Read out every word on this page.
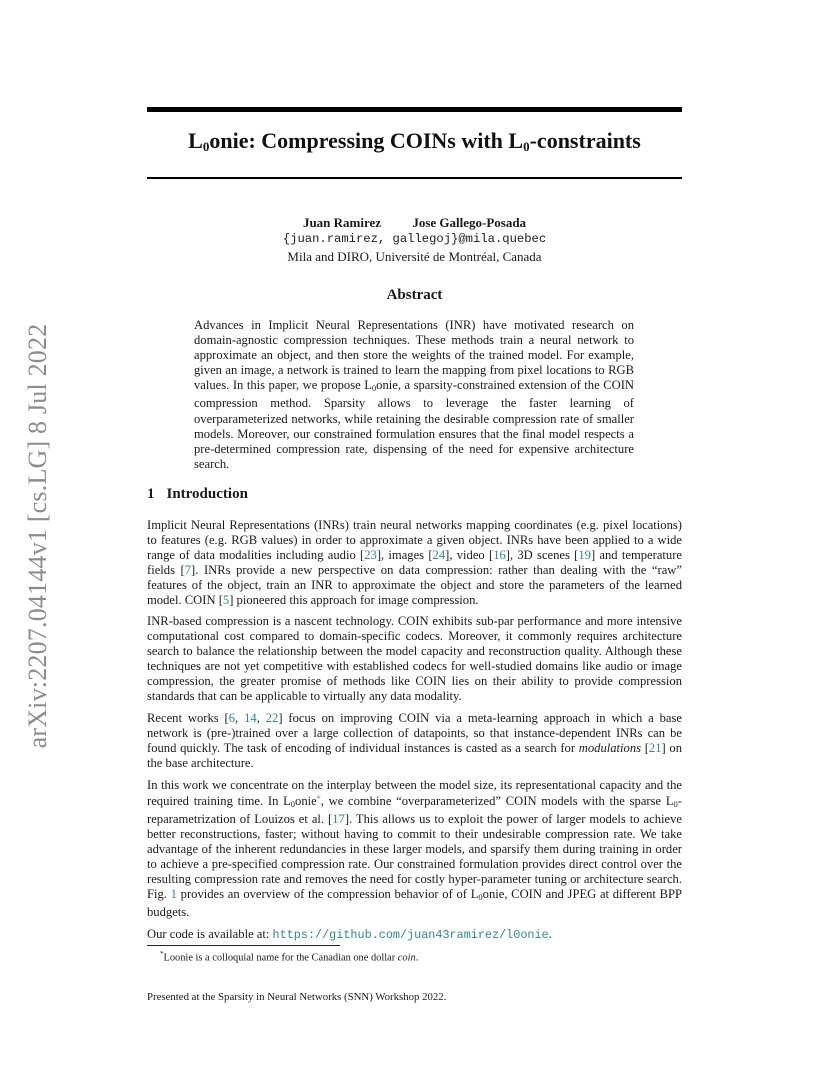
arXiv:2207.04144v1 [cs.LG] 8 Jul 2022
$L_0onie$: Compressing COINs with $L_0$-constraints
Juan Ramirez Jose Gallego-Posada
{juan.ramirez, gallegoj}@mila.quebec
Mila and DIRO, Université de Montréal, Canada
Abstract

Advances in Implicit Neural Representations (INR) have motivated research on domain-agnostic compression techniques. These methods train a neural network to approximate an object, and then store the weights of the trained model. For example, given an image, a network is trained to learn the mapping from pixel locations to RGB values. In this paper, we propose $L_0onie$, a sparsity-constrained extension of the COIN compression method. Sparsity allows to leverage the faster learning of overparameterized networks, while retaining the desirable compression rate of smaller models. Moreover, our constrained formulation ensures that the final model respects a pre-determined compression rate, dispensing of the need for expensive architecture search.

1 Introduction

Implicit Neural Representations (INRs) train neural networks mapping coordinates (e.g. pixel locations) to features (e.g. RGB values) in order to approximate a given object. INRs have been applied to a wide range of data modalities including audio [23], images [24], video [16], 3D scenes [19] and temperature fields [7]. INRs provide a new perspective on data compression: rather than dealing with the “raw” features of the object, train an INR to approximate the object and store the parameters of the learned model. COIN [5] pioneered this approach for image compression.

INR-based compression is a nascent technology. COIN exhibits sub-par performance and more intensive computational cost compared to domain-specific codecs. Moreover, it commonly requires architecture search to balance the relationship between the model capacity and reconstruction quality. Although these techniques are not yet competitive with established codecs for well-studied domains like audio or image compression, the greater promise of methods like COIN lies on their ability to provide compression standards that can be applicable to virtually any data modality.

Recent works [6, 14, 22] focus on improving COIN via a meta-learning approach in which a base network is (pre-)trained over a large collection of datapoints, so that instance-dependent INRs can be found quickly. The task of encoding of individual instances is casted as a search for modulations [21] on the base architecture.

In this work we concentrate on the interplay between the model size, its representational capacity and the required training time. In $L_0onie^*$, we combine “overparameterized” COIN models with the sparse $L_0$-reparametrization of Louizos et al. [17]. This allows us to exploit the power of larger models to achieve better reconstructions, faster; without having to commit to their undesirable compression rate. We take advantage of the inherent redundancies in these larger models, and sparsify them during training in order to achieve a pre-specified compression rate. Our constrained formulation provides direct control over the resulting compression rate and removes the need for costly hyper-parameter tuning or architecture search. Fig. 1 provides an overview of the compression behavior of of $L_0onie$, COIN and JPEG at different BPP budgets.

Our code is available at: https://github.com/juan43ramirez/l0onie.

*Loonie is a colloquial name for the Canadian one dollar coin.
Presented at the Sparsity in Neural Networks (SNN) Workshop 2022.
